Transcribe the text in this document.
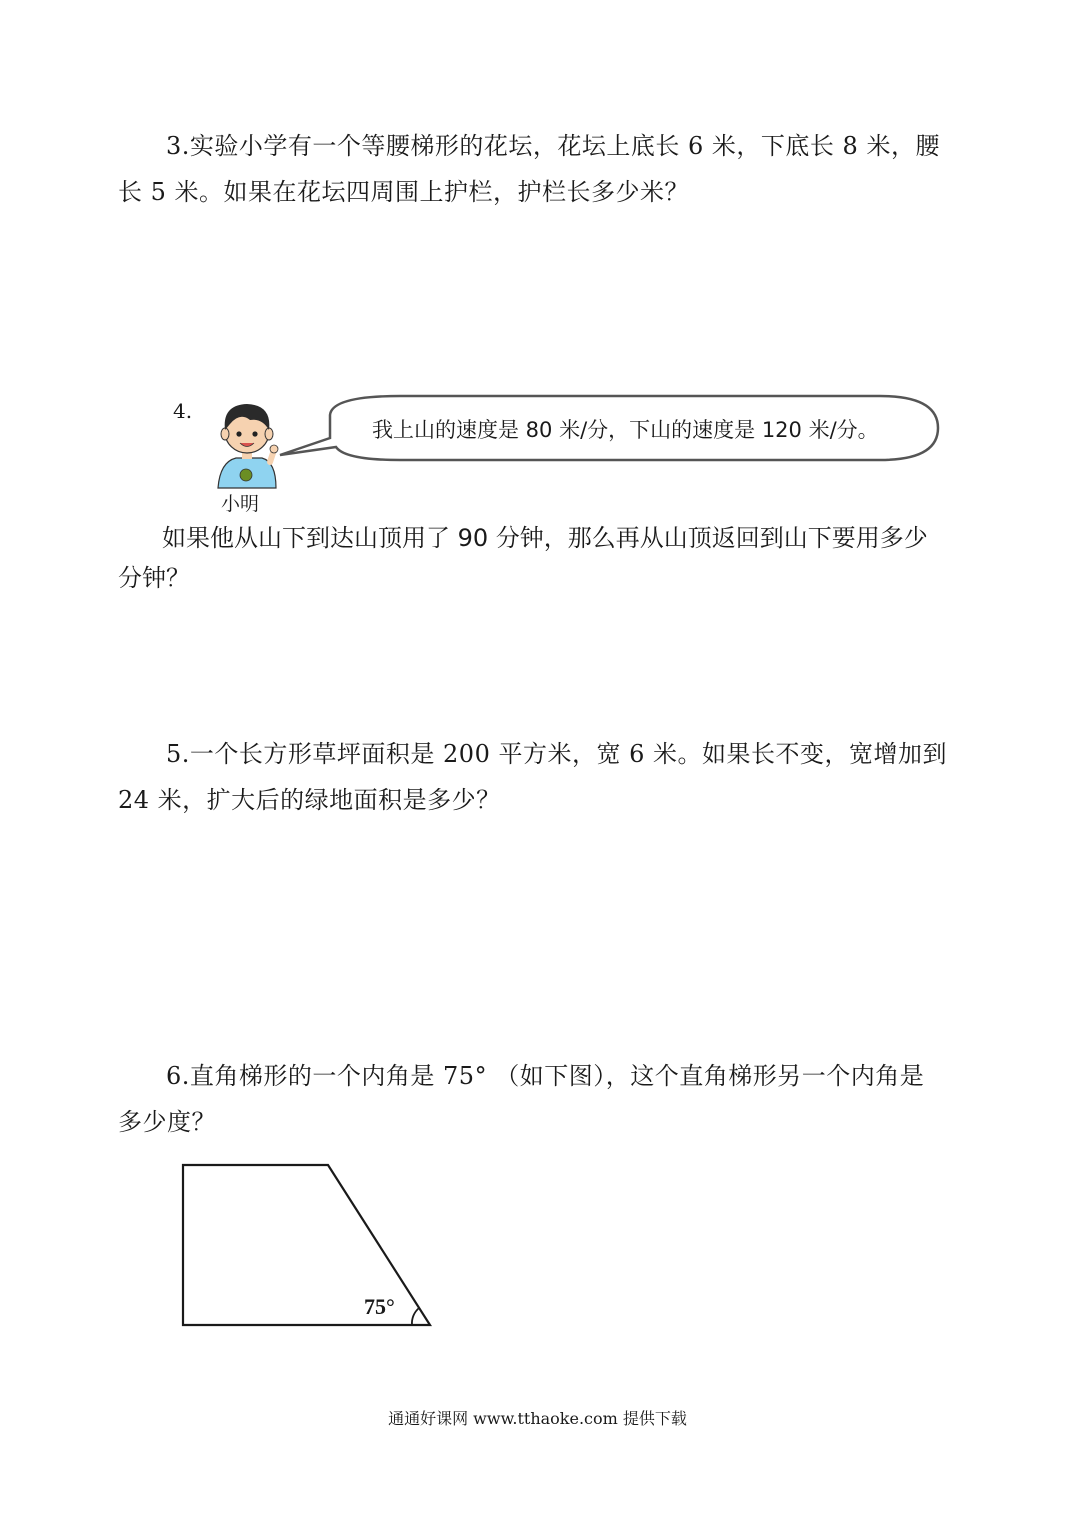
3.实验小学有一个等腰梯形的花坛，花坛上底长 6 米，下底长 8 米，腰长 5 米。如果在花坛四周围上护栏，护栏长多少米？

4.
我上山的速度是 80 米/分，下山的速度是 120 米/分。
小明

如果他从山下到达山顶用了 90 分钟，那么再从山顶返回到山下要用多少分钟？

5.一个长方形草坪面积是 200 平方米，宽 6 米。如果长不变，宽增加到 24 米，扩大后的绿地面积是多少？

6.直角梯形的一个内角是 75° （如下图），这个直角梯形另一个内角是多少度？

75°
通通好课网 www.tthaoke.com 提供下载
